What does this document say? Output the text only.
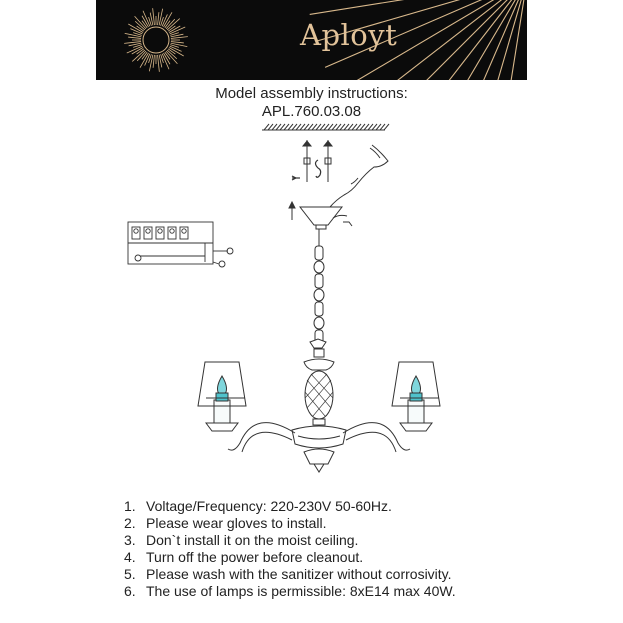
Aployt
Model assembly instructions:
APL.760.03.08
1. Voltage/Frequency: 220-230V 50-60Hz.
2. Please wear gloves to install.
3. Don`t install it on the moist ceiling.
4. Turn off the power before cleanout.
5. Please wash with the sanitizer without corrosivity.
6. The use of lamps is permissible: 8xE14 max 40W.
